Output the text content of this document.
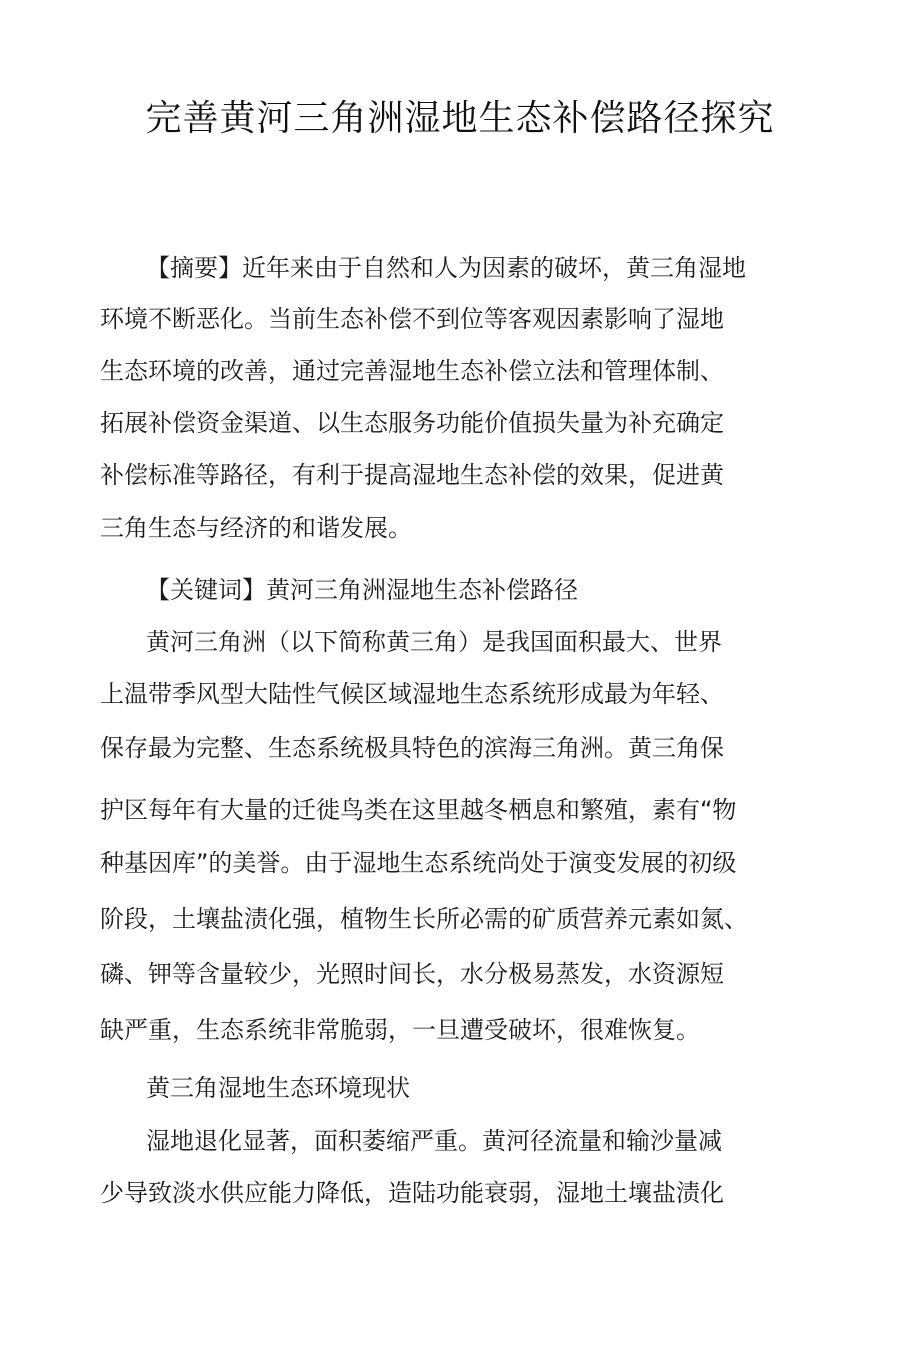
完善黄河三角洲湿地生态补偿路径探究
【摘要】近年来由于自然和人为因素的破坏，黄三角湿地
环境不断恶化。当前生态补偿不到位等客观因素影响了湿地
生态环境的改善，通过完善湿地生态补偿立法和管理体制、
拓展补偿资金渠道、以生态服务功能价值损失量为补充确定
补偿标准等路径，有利于提高湿地生态补偿的效果，促进黄
三角生态与经济的和谐发展。
【关键词】黄河三角洲湿地生态补偿路径
黄河三角洲（以下简称黄三角）是我国面积最大、世界
上温带季风型大陆性气候区域湿地生态系统形成最为年轻、
保存最为完整、生态系统极具特色的滨海三角洲。黄三角保
护区每年有大量的迁徙鸟类在这里越冬栖息和繁殖，素有“物
种基因库”的美誉。由于湿地生态系统尚处于演变发展的初级
阶段，土壤盐渍化强，植物生长所必需的矿质营养元素如氮、
磷、钾等含量较少，光照时间长，水分极易蒸发，水资源短
缺严重，生态系统非常脆弱，一旦遭受破坏，很难恢复。
黄三角湿地生态环境现状
湿地退化显著，面积萎缩严重。黄河径流量和输沙量减
少导致淡水供应能力降低，造陆功能衰弱，湿地土壤盐渍化
